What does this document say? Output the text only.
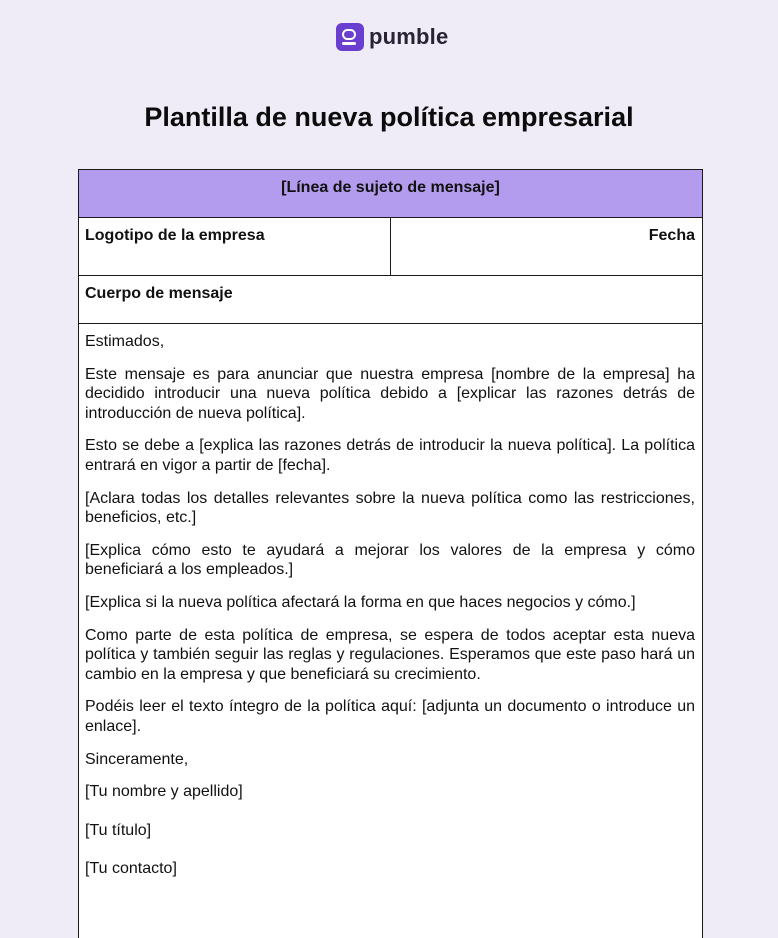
pumble
Plantilla de nueva política empresarial
[Línea de sujeto de mensaje]
Logotipo de la empresa	Fecha
Cuerpo de mensaje

Estimados,

Este mensaje es para anunciar que nuestra empresa [nombre de la empresa] ha decidido introducir una nueva política debido a [explicar las razones detrás de introducción de nueva política].

Esto se debe a [explica las razones detrás de introducir la nueva política]. La política entrará en vigor a partir de [fecha].

[Aclara todas los detalles relevantes sobre la nueva política como las restricciones, beneficios, etc.]

[Explica cómo esto te ayudará a mejorar los valores de la empresa y cómo beneficiará a los empleados.]

[Explica si la nueva política afectará la forma en que haces negocios y cómo.]

Como parte de esta política de empresa, se espera de todos aceptar esta nueva política y también seguir las reglas y regulaciones. Esperamos que este paso hará un cambio en la empresa y que beneficiará su crecimiento.

Podéis leer el texto íntegro de la política aquí: [adjunta un documento o introduce un enlace].

Sinceramente,

[Tu nombre y apellido]

[Tu título]

[Tu contacto]
